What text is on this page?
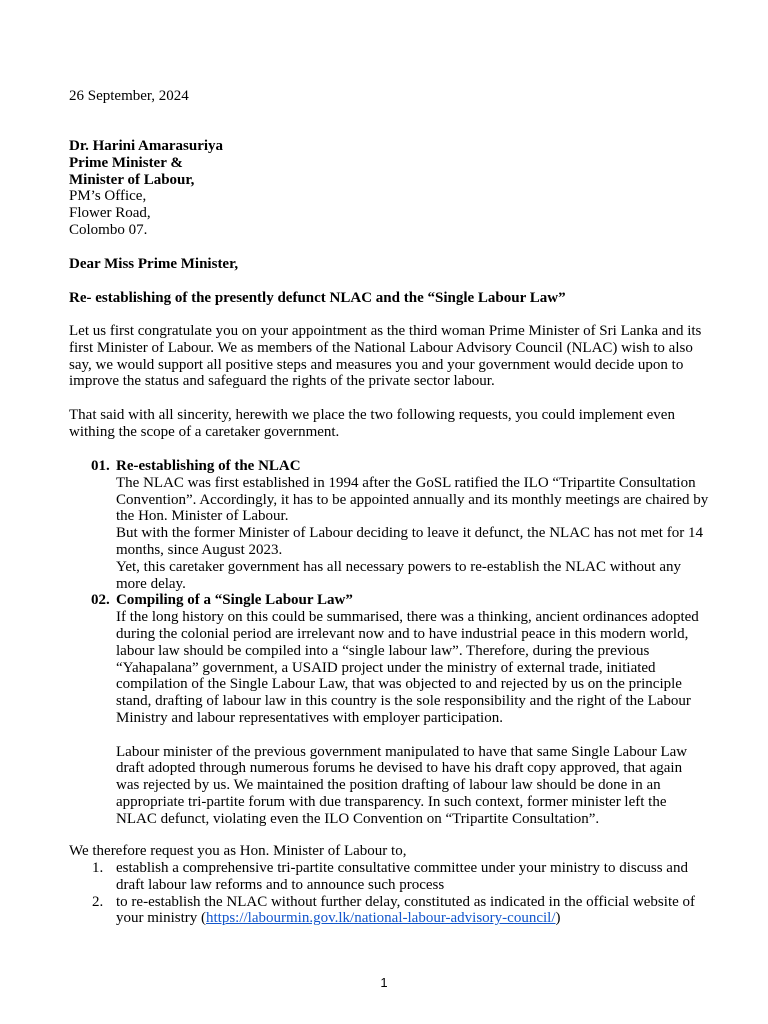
26 September, 2024

Dr. Harini Amarasuriya
Prime Minister &
Minister of Labour,
PM’s Office,
Flower Road,
Colombo 07.

Dear Miss Prime Minister,

Re- establishing of the presently defunct NLAC and the “Single Labour Law”

Let us first congratulate you on your appointment as the third woman Prime Minister of Sri Lanka and its first Minister of Labour. We as members of the National Labour Advisory Council (NLAC) wish to also say, we would support all positive steps and measures you and your government would decide upon to improve the status and safeguard the rights of the private sector labour.

That said with all sincerity, herewith we place the two following requests, you could implement even withing the scope of a caretaker government.

01. Re-establishing of the NLAC
The NLAC was first established in 1994 after the GoSL ratified the ILO “Tripartite Consultation Convention”. Accordingly, it has to be appointed annually and its monthly meetings are chaired by the Hon. Minister of Labour.
But with the former Minister of Labour deciding to leave it defunct, the NLAC has not met for 14 months, since August 2023.
Yet, this caretaker government has all necessary powers to re-establish the NLAC without any more delay.
02. Compiling of a “Single Labour Law”
If the long history on this could be summarised, there was a thinking, ancient ordinances adopted during the colonial period are irrelevant now and to have industrial peace in this modern world, labour law should be compiled into a “single labour law”. Therefore, during the previous “Yahapalana” government, a USAID project under the ministry of external trade, initiated compilation of the Single Labour Law, that was objected to and rejected by us on the principle stand, drafting of labour law in this country is the sole responsibility and the right of the Labour Ministry and labour representatives with employer participation.
Labour minister of the previous government manipulated to have that same Single Labour Law draft adopted through numerous forums he devised to have his draft copy approved, that again was rejected by us. We maintained the position drafting of labour law should be done in an appropriate tri-partite forum with due transparency. In such context, former minister left the NLAC defunct, violating even the ILO Convention on “Tripartite Consultation”.

We therefore request you as Hon. Minister of Labour to,

1. establish a comprehensive tri-partite consultative committee under your ministry to discuss and draft labour law reforms and to announce such process
2. to re-establish the NLAC without further delay, constituted as indicated in the official website of your ministry (https://labourmin.gov.lk/national-labour-advisory-council/)
1
